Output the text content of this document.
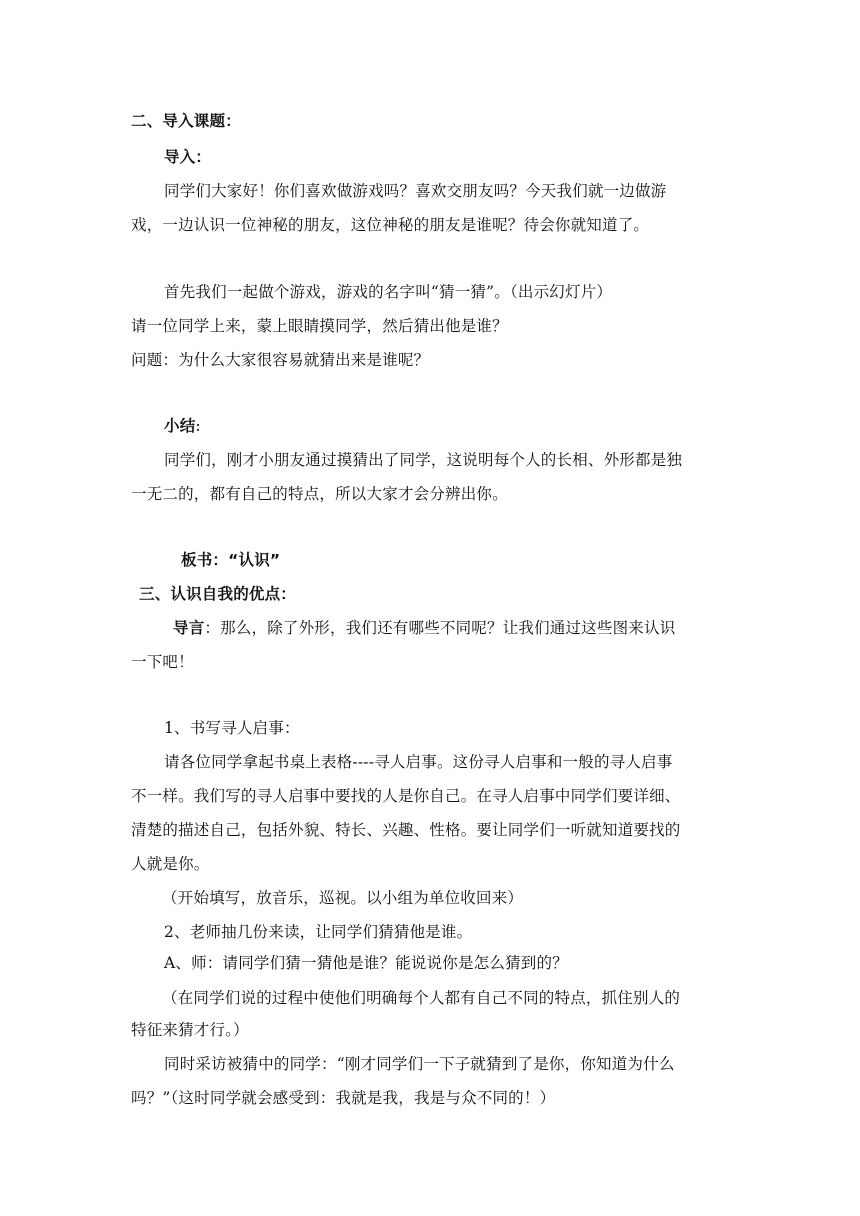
二、导入课题：
导入：
同学们大家好！你们喜欢做游戏吗？喜欢交朋友吗？今天我们就一边做游
戏，一边认识一位神秘的朋友，这位神秘的朋友是谁呢？待会你就知道了。
首先我们一起做个游戏，游戏的名字叫“猜一猜”。（出示幻灯片）
请一位同学上来，蒙上眼睛摸同学，然后猜出他是谁？
问题：为什么大家很容易就猜出来是谁呢？
小结:
同学们，刚才小朋友通过摸猜出了同学，这说明每个人的长相、外形都是独
一无二的，都有自己的特点，所以大家才会分辨出你。
板书：“认识”
三、认识自我的优点：
导言：那么，除了外形，我们还有哪些不同呢？让我们通过这些图来认识
一下吧！
1、书写寻人启事：
请各位同学拿起书桌上表格----寻人启事。这份寻人启事和一般的寻人启事
不一样。我们写的寻人启事中要找的人是你自己。在寻人启事中同学们要详细、
清楚的描述自己，包括外貌、特长、兴趣、性格。要让同学们一听就知道要找的
人就是你。
（开始填写，放音乐，巡视。以小组为单位收回来）
2、老师抽几份来读，让同学们猜猜他是谁。
A、师：请同学们猜一猜他是谁？能说说你是怎么猜到的？
（在同学们说的过程中使他们明确每个人都有自己不同的特点，抓住别人的
特征来猜才行。）
同时采访被猜中的同学：“刚才同学们一下子就猜到了是你，你知道为什么
吗？”（这时同学就会感受到：我就是我，我是与众不同的！）
